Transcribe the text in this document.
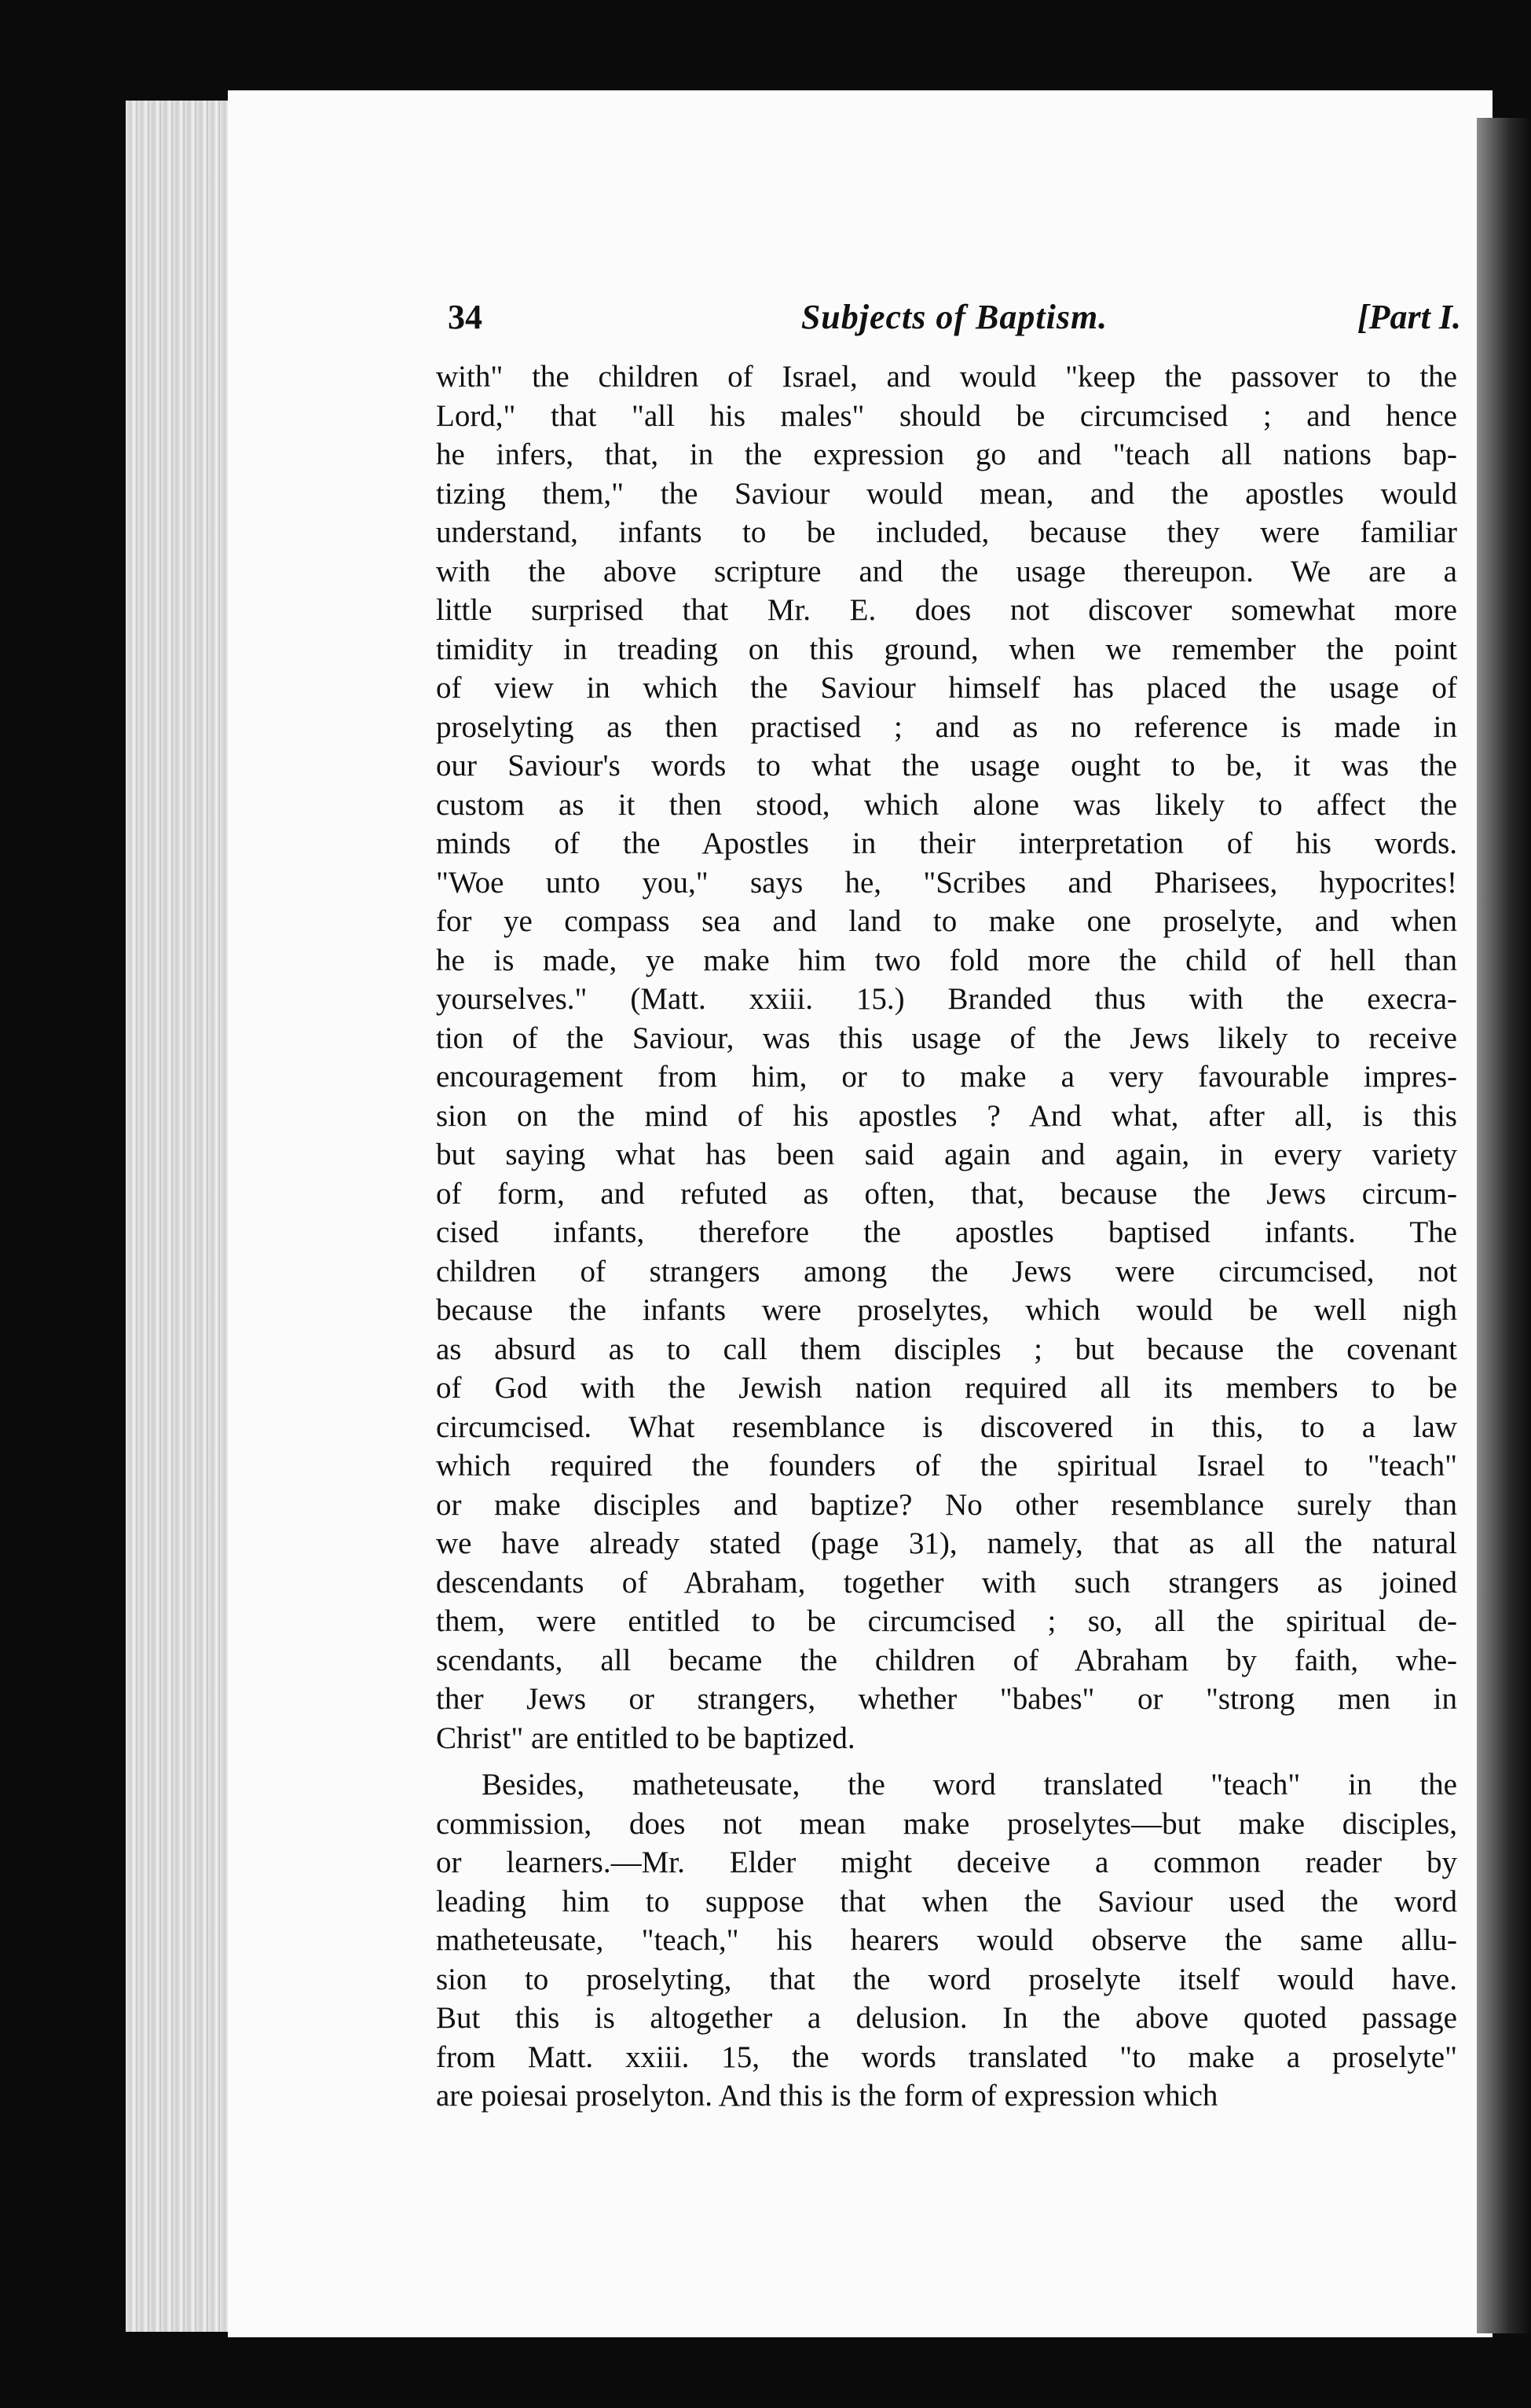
34	Subjects of Baptism.	[Part I.

with" the children of Israel, and would "keep the passover to the
Lord," that "all his males" should be circumcised ; and hence
he infers, that, in the expression go and "teach all nations bap-
tizing them," the Saviour would mean, and the apostles would
understand, infants to be included, because they were familiar
with the above scripture and the usage thereupon. We are a
little surprised that Mr. E. does not discover somewhat more
timidity in treading on this ground, when we remember the point
of view in which the Saviour himself has placed the usage of
proselyting as then practised ; and as no reference is made in
our Saviour's words to what the usage ought to be, it was the
custom as it then stood, which alone was likely to affect the
minds of the Apostles in their interpretation of his words.
"Woe unto you," says he, "Scribes and Pharisees, hypocrites!
for ye compass sea and land to make one proselyte, and when
he is made, ye make him two fold more the child of hell than
yourselves." (Matt. xxiii. 15.) Branded thus with the execra-
tion of the Saviour, was this usage of the Jews likely to receive
encouragement from him, or to make a very favourable impres-
sion on the mind of his apostles ? And what, after all, is this
but saying what has been said again and again, in every variety
of form, and refuted as often, that, because the Jews circum-
cised infants, therefore the apostles baptised infants. The
children of strangers among the Jews were circumcised, not
because the infants were proselytes, which would be well nigh
as absurd as to call them disciples ; but because the covenant
of God with the Jewish nation required all its members to be
circumcised. What resemblance is discovered in this, to a law
which required the founders of the spiritual Israel to "teach"
or make disciples and baptize? No other resemblance surely than
we have already stated (page 31), namely, that as all the natural
descendants of Abraham, together with such strangers as joined
them, were entitled to be circumcised ; so, all the spiritual de-
scendants, all became the children of Abraham by faith, whe-
ther Jews or strangers, whether "babes" or "strong men in
Christ" are entitled to be baptized.

Besides, matheteusate, the word translated "teach" in the
commission, does not mean make proselytes—but make disciples,
or learners.—Mr. Elder might deceive a common reader by
leading him to suppose that when the Saviour used the word
matheteusate, "teach," his hearers would observe the same allu-
sion to proselyting, that the word proselyte itself would have.
But this is altogether a delusion. In the above quoted passage
from Matt. xxiii. 15, the words translated "to make a proselyte"
are poiesai proselyton. And this is the form of expression which
